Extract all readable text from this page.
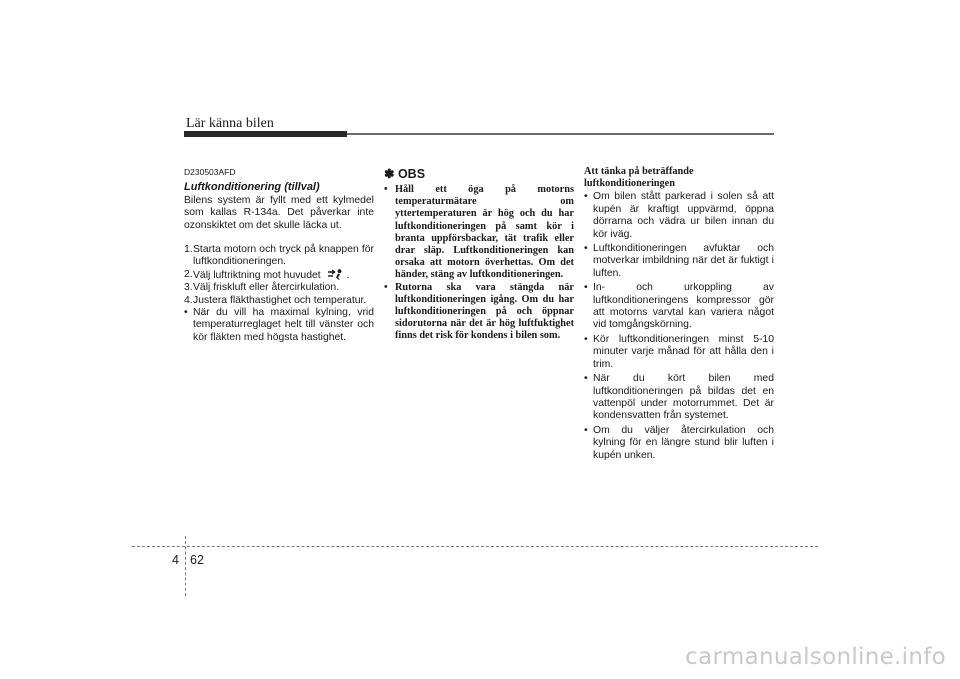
Lär känna bilen
D230503AFD
Luftkonditionering (tillval)

Bilens system är fyllt med ett kylmedel som kallas R-134a. Det påverkar inte ozonskiktet om det skulle läcka ut.

1. Starta motorn och tryck på knappen för luftkonditioneringen.
2. Välj luftriktning mot huvudet	.
3. Välj friskluft eller återcirkulation.
4. Justera fläkthastighet och temperatur.
• När du vill ha maximal kylning, vrid temperaturreglaget helt till vänster och kör fläkten med högsta hastighet.
✽ OBS
• Håll ett öga på motorns temperaturmätare om yttertemperaturen är hög och du har luftkonditioneringen på samt kör i branta uppförsbackar, tät trafik eller drar släp. Luftkonditioneringen kan orsaka att motorn överhettas. Om det händer, stäng av luftkonditioneringen.
• Rutorna ska vara stängda när luftkonditioneringen igång. Om du har luftkonditioneringen på och öppnar sidorutorna när det är hög luftfuktighet finns det risk för kondens i bilen som.
Att tänka på beträffande
luftkonditioneringen
• Om bilen stått parkerad i solen så att kupén är kraftigt uppvärmd, öppna dörrarna och vädra ur bilen innan du kör iväg.
• Luftkonditioneringen avfuktar och motverkar imbildning när det är fuktigt i luften.
• In- och urkoppling av luftkonditioneringens kompressor gör att motorns varvtal kan variera något vid tomgångskörning.
• Kör luftkonditioneringen minst 5-10 minuter varje månad för att hålla den i trim.
• När du kört bilen med luftkonditioneringen på bildas det en vattenpöl under motorrummet. Det är kondensvatten från systemet.
• Om du väljer återcirkulation och kylning för en längre stund blir luften i kupén unken.
4 62
carmanualsonline.info
